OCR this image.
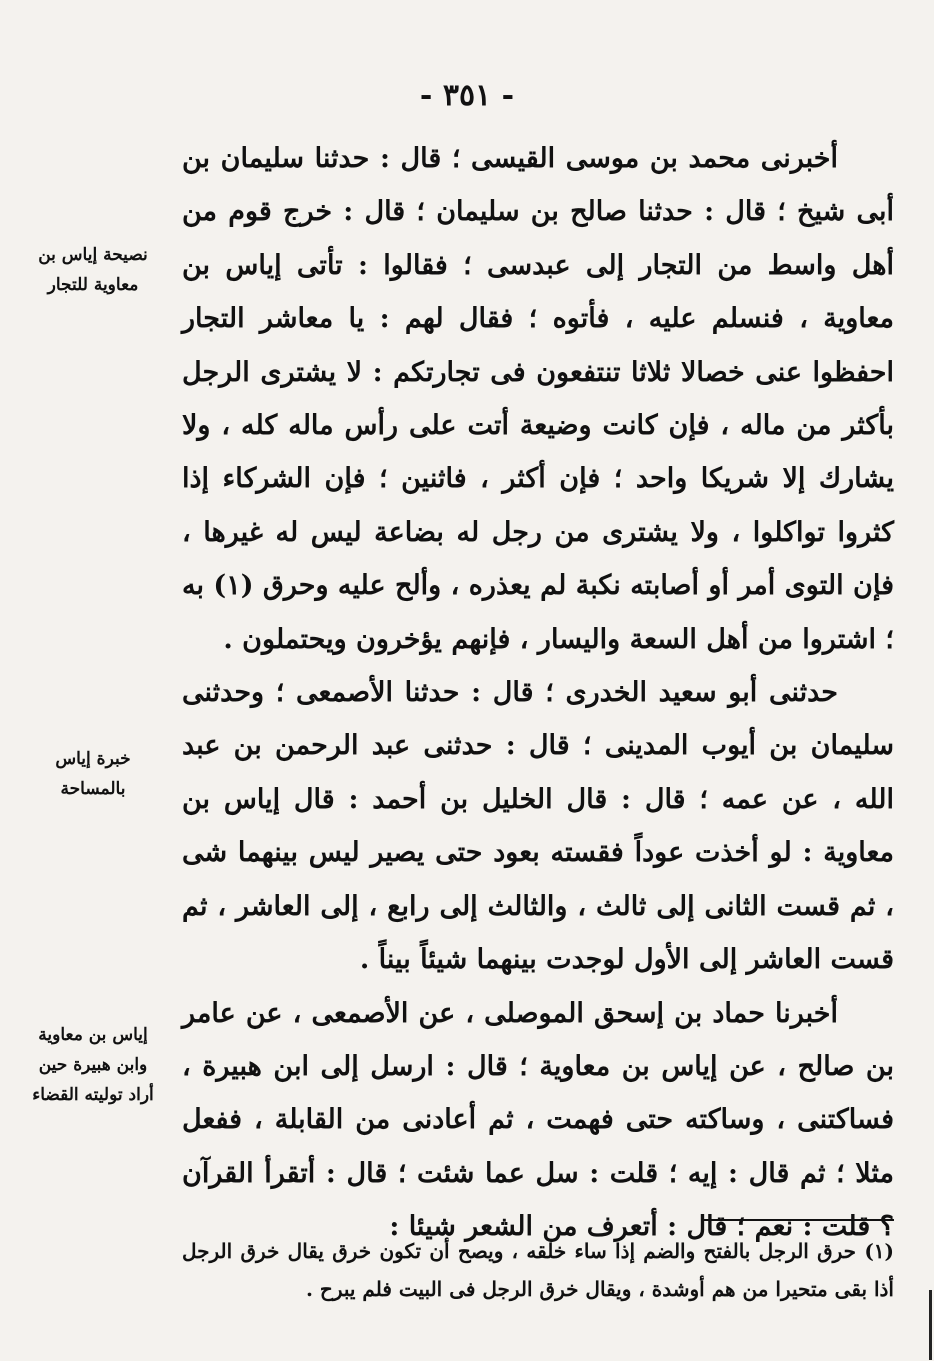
- ٣٥١ -

أخبرنى محمد بن موسى القيسى ؛ قال : حدثنا سليمان بن أبى شيخ ؛ قال : حدثنا صالح بن سليمان ؛ قال : خرج قوم من أهل واسط من التجار إلى عبدسى ؛ فقالوا : تأتى إياس بن معاوية ، فنسلم عليه ، فأتوه ؛ فقال لهم : يا معاشر التجار احفظوا عنى خصالا ثلاثا تنتفعون فى تجارتكم : لا يشترى الرجل بأكثر من ماله ، فإن كانت وضيعة أتت على رأس ماله كله ، ولا يشارك إلا شريكا واحد ؛ فإن أكثر ، فاثنين ؛ فإن الشركاء إذا كثروا تواكلوا ، ولا يشترى من رجل له بضاعة ليس له غيرها ، فإن التوى أمر أو أصابته نكبة لم يعذره ، وألح عليه وحرق (١) به ؛ اشتروا من أهل السعة واليسار ، فإنهم يؤخرون ويحتملون .

حدثنى أبو سعيد الخدرى ؛ قال : حدثنا الأصمعى ؛ وحدثنى سليمان بن أيوب المدينى ؛ قال : حدثنى عبد الرحمن بن عبد الله ، عن عمه ؛ قال : قال الخليل بن أحمد : قال إياس بن معاوية : لو أخذت عوداً فقسته بعود حتى يصير ليس بينهما شى ، ثم قست الثانى إلى ثالث ، والثالث إلى رابع ، إلى العاشر ، ثم قست العاشر إلى الأول لوجدت بينهما شيئاً بيناً .

أخبرنا حماد بن إسحق الموصلى ، عن الأصمعى ، عن عامر بن صالح ، عن إياس بن معاوية ؛ قال : ارسل إلى ابن هبيرة ، فساكتنى ، وساكته حتى فهمت ، ثم أعادنى من القابلة ، ففعل مثلا ؛ ثم قال : إيه ؛ قلت : سل عما شئت ؛ قال : أتقرأ القرآن ؟ قلت : نعم ؛ قال : أتعرف من الشعر شيئا :

نصيحة إياس بن معاوية للتجار
خبرة إياس بالمساحة
إياس بن معاوية وابن هبيرة حين أراد توليته القضاء

(١) حرق الرجل بالفتح والضم إذا ساء خلقه ، ويصح أن تكون خرق يقال خرق الرجل أذا بقى متحيرا من هم أوشدة ، ويقال خرق الرجل فى البيت فلم يبرح .
